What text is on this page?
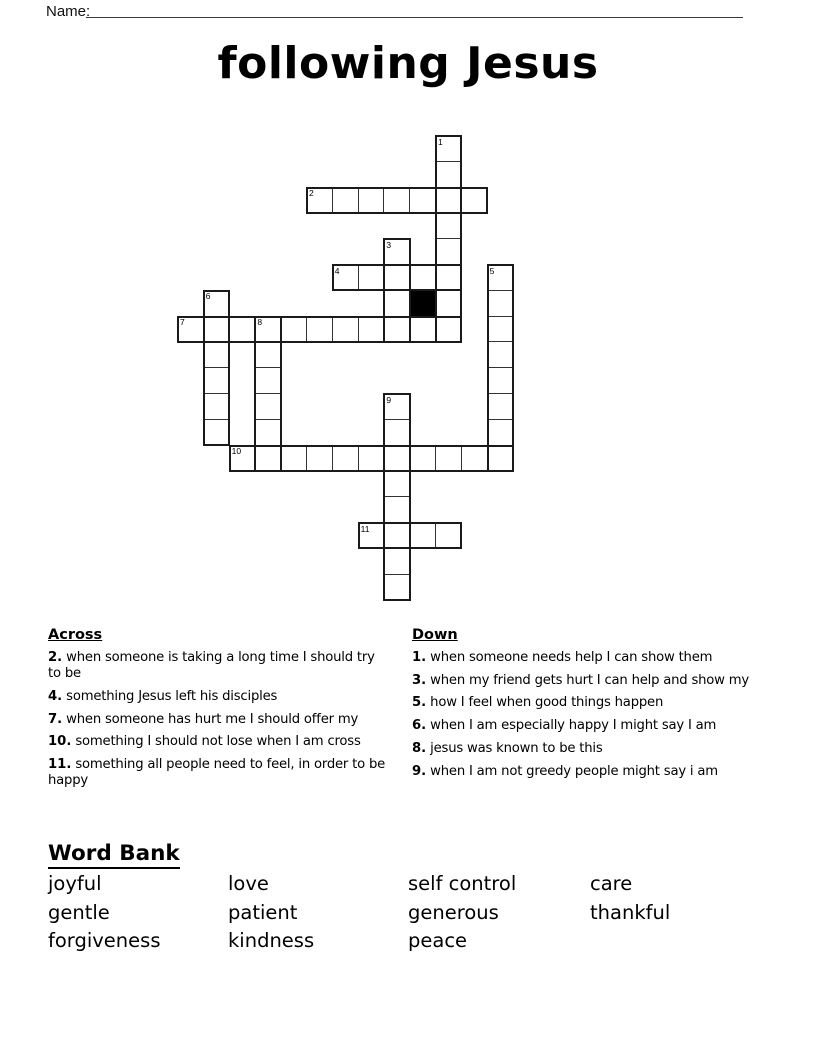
Name:
following Jesus
1
2
3
4	5
6
7	8
9
10
11
Across
2. when someone is taking a long time I should try to be
4. something Jesus left his disciples
7. when someone has hurt me I should offer my
10. something I should not lose when I am cross
11. something all people need to feel, in order to be happy
Down
1. when someone needs help I can show them
3. when my friend gets hurt I can help and show my
5. how I feel when good things happen
6. when I am especially happy I might say I am
8. jesus was known to be this
9. when I am not greedy people might say i am
Word Bank
joyful	love	self control	care
gentle	patient	generous	thankful
forgiveness	kindness	peace
